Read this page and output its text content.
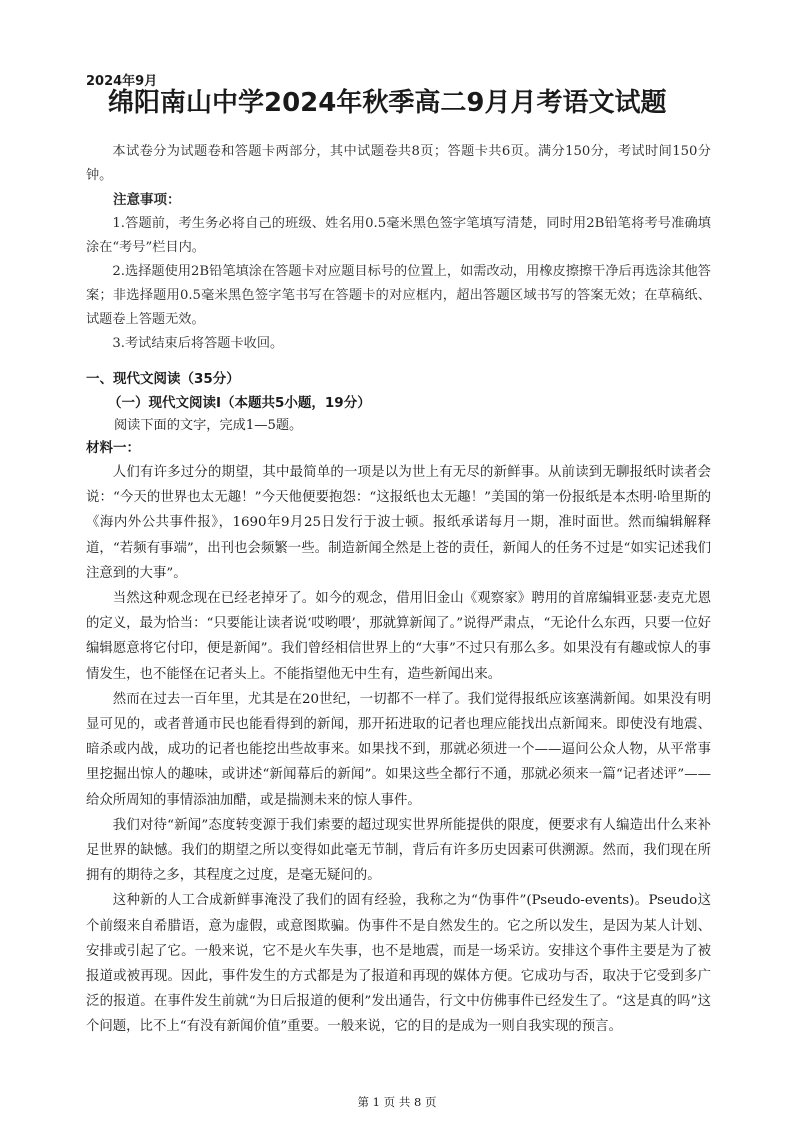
2024年9月
绵阳南山中学2024年秋季高二9月月考语文试题

本试卷分为试题卷和答题卡两部分，其中试题卷共8页；答题卡共6页。满分150分，考试时间150分钟。

注意事项：

1.答题前，考生务必将自己的班级、姓名用0.5毫米黑色签字笔填写清楚，同时用2B铅笔将考号准确填涂在“考号”栏目内。

2.选择题使用2B铅笔填涂在答题卡对应题目标号的位置上，如需改动，用橡皮擦擦干净后再选涂其他答案；非选择题用0.5毫米黑色签字笔书写在答题卡的对应框内，超出答题区域书写的答案无效；在草稿纸、试题卷上答题无效。

3.考试结束后将答题卡收回。

一、现代文阅读（35分）
（一）现代文阅读Ⅰ（本题共5小题，19分）
阅读下面的文字，完成1—5题。
材料一：

人们有许多过分的期望，其中最简单的一项是以为世上有无尽的新鲜事。从前读到无聊报纸时读者会说：“今天的世界也太无趣！”今天他便要抱怨：“这报纸也太无趣！”美国的第一份报纸是本杰明·哈里斯的《海内外公共事件报》，1690年9月25日发行于波士顿。报纸承诺每月一期，准时面世。然而编辑解释道，“若频有事端”，出刊也会频繁一些。制造新闻全然是上苍的责任，新闻人的任务不过是“如实记述我们注意到的大事”。

当然这种观念现在已经老掉牙了。如今的观念，借用旧金山《观察家》聘用的首席编辑亚瑟·麦克尤恩的定义，最为恰当：“只要能让读者说‘哎哟喂’，那就算新闻了。”说得严肃点，“无论什么东西，只要一位好编辑愿意将它付印，便是新闻”。我们曾经相信世界上的“大事”不过只有那么多。如果没有有趣或惊人的事情发生，也不能怪在记者头上。不能指望他无中生有，造些新闻出来。

然而在过去一百年里，尤其是在20世纪，一切都不一样了。我们觉得报纸应该塞满新闻。如果没有明显可见的，或者普通市民也能看得到的新闻，那开拓进取的记者也理应能找出点新闻来。即使没有地震、暗杀或内战，成功的记者也能挖出些故事来。如果找不到，那就必须进一个——逼问公众人物，从平常事里挖掘出惊人的趣味，或讲述“新闻幕后的新闻”。如果这些全都行不通，那就必须来一篇“记者述评”——给众所周知的事情添油加醋，或是揣测未来的惊人事件。

我们对待“新闻”态度转变源于我们索要的超过现实世界所能提供的限度，便要求有人编造出什么来补足世界的缺憾。我们的期望之所以变得如此毫无节制，背后有许多历史因素可供溯源。然而，我们现在所拥有的期待之多，其程度之过度，是毫无疑问的。

这种新的人工合成新鲜事淹没了我们的固有经验，我称之为“伪事件”(Pseudo-events)。Pseudo这个前缀来自希腊语，意为虚假，或意图欺骗。伪事件不是自然发生的。它之所以发生，是因为某人计划、安排或引起了它。一般来说，它不是火车失事，也不是地震，而是一场采访。安排这个事件主要是为了被报道或被再现。因此，事件发生的方式都是为了报道和再现的媒体方便。它成功与否，取决于它受到多广泛的报道。在事件发生前就“为日后报道的便利”发出通告，行文中仿佛事件已经发生了。“这是真的吗”这个问题，比不上“有没有新闻价值”重要。一般来说，它的目的是成为一则自我实现的预言。

第 1 页 共 8 页
